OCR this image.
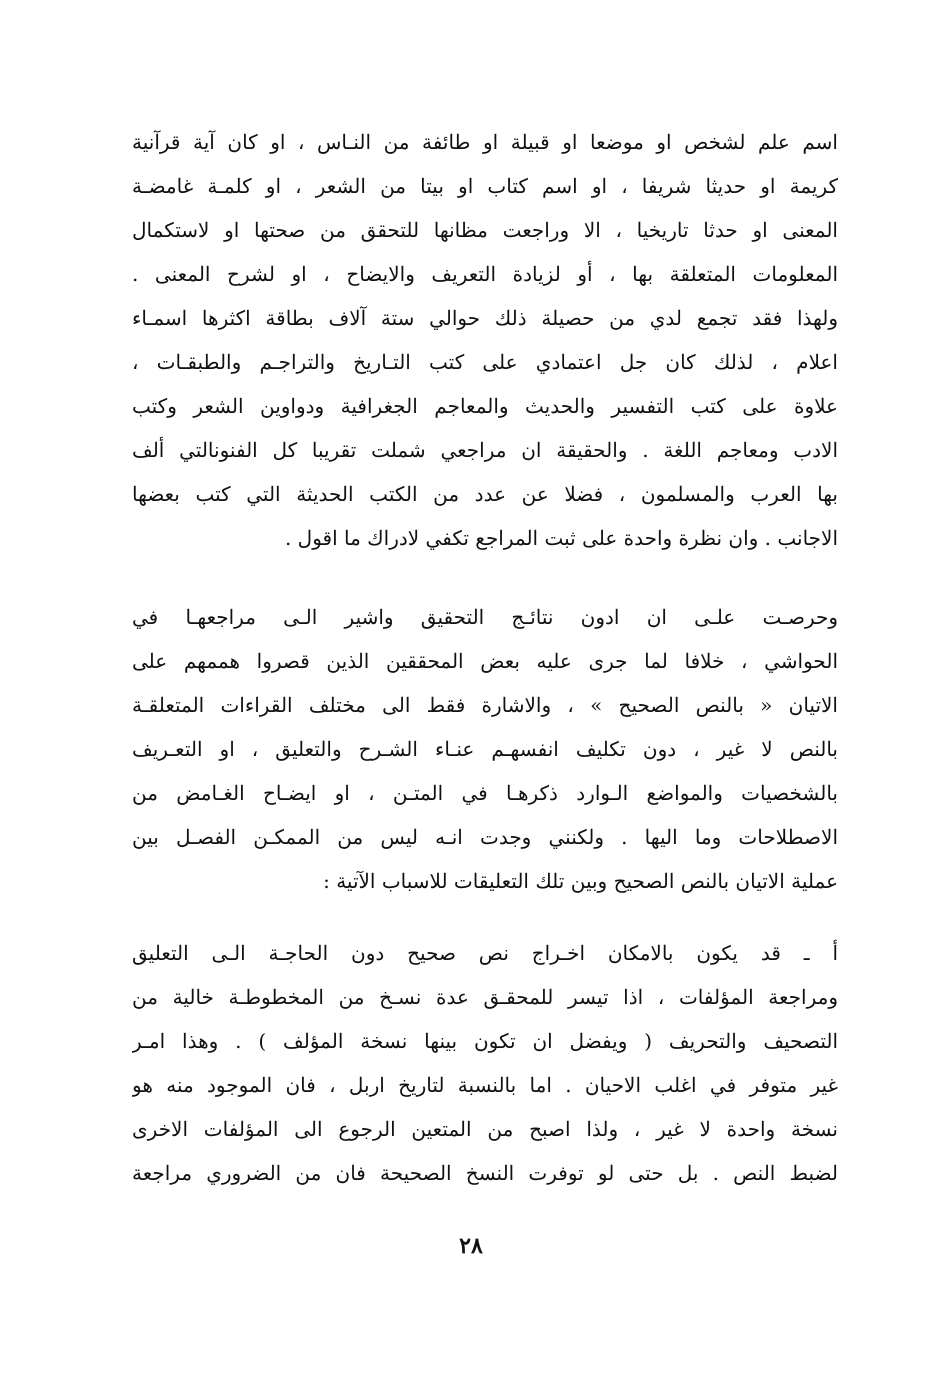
اسم علم لشخص او موضعا او قبيلة او طائفة من النـاس ، او كان آية قرآنية
كريمة او حديثا شريفا ، او اسم كتاب او بيتا من الشعر ، او كلمـة غامضـة
المعنى او حدثا تاريخيا ، الا وراجعت مظانها للتحقق من صحتها او لاستكمال
المعلومات المتعلقة بها ، أو لزيادة التعريف والايضاح ، او لشرح المعنى .
ولهذا فقد تجمع لدي من حصيلة ذلك حوالي ستة آلاف بطاقة اكثرها اسمـاء
اعلام ، لذلك كان جل اعتمادي على كتب التـاريخ والتراجـم والطبقـات ،
علاوة على كتب التفسير والحديث والمعاجم الجغرافية ودواوين الشعر وكتب
الادب ومعاجم اللغة . والحقيقة ان مراجعي شملت تقريبا كل الفنونالتي ألف
بها العرب والمسلمون ، فضلا عن عدد من الكتب الحديثة التي كتب بعضها
الاجانب . وان نظرة واحدة على ثبت المراجع تكفي لادراك ما اقول .
وحرصـت علـى ان ادون نتائـج التحقيق واشير الـى مراجعهـا في
الحواشي ، خلافا لما جرى عليه بعض المحققين الذين قصروا هممهم على
الاتيان « بالنص الصحيح » ، والاشارة فقط الى مختلف القراءات المتعلقـة
بالنص لا غير ، دون تكليف انفسهـم عنـاء الشـرح والتعليق ، او التعـريف
بالشخصيات والمواضع الـوارد ذكرهـا في المتـن ، او ايضـاح الغـامض من
الاصطلاحات وما اليها . ولكنني وجدت انـه ليس من الممكـن الفصـل بين
عملية الاتيان بالنص الصحيح وبين تلك التعليقات للاسباب الآتية :
أ ـ قد يكون بالامكان اخـراج نص صحيح دون الحاجـة الـى التعليق
ومراجعة المؤلفات ، اذا تيسر للمحقـق عدة نسـخ من المخطوطـة خالية من
التصحيف والتحريف ( ويفضل ان تكون بينها نسخة المؤلف ) . وهذا امـر
غير متوفر في اغلب الاحيان . اما بالنسبة لتاريخ اربل ، فان الموجود منه هو
نسخة واحدة لا غير ، ولذا اصبح من المتعين الرجوع الى المؤلفات الاخرى
لضبط النص . بل حتى لو توفرت النسخ الصحيحة فان من الضروري مراجعة
٢٨
